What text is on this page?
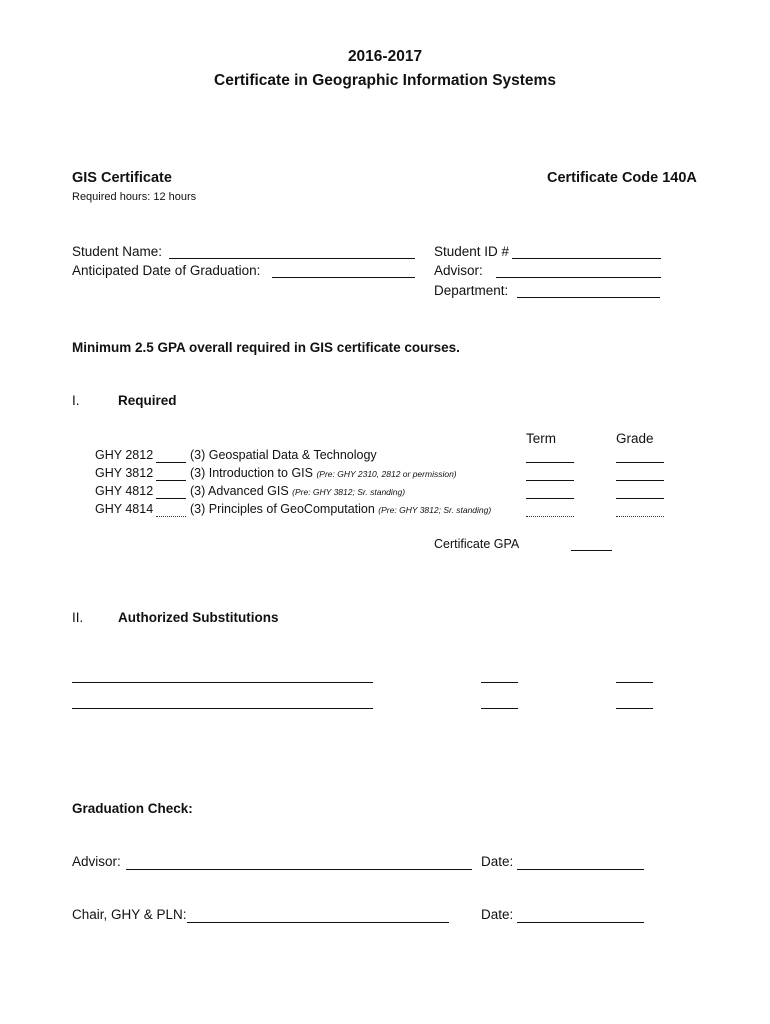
2016-2017
Certificate in Geographic Information Systems
GIS Certificate	Certificate Code 140A
Required hours: 12 hours
Student Name:
Anticipated Date of Graduation:
Student ID #
Advisor:
Department:
Minimum 2.5 GPA overall required in GIS certificate courses.
I.	Required
Term	Grade
GHY 2812	(3) Geospatial Data & Technology
GHY 3812	(3) Introduction to GIS (Pre: GHY 2310, 2812 or permission)
GHY 4812	(3) Advanced GIS (Pre: GHY 3812; Sr. standing)
GHY 4814	(3) Principles of GeoComputation (Pre: GHY 3812; Sr. standing)
Certificate GPA
II.	Authorized Substitutions
Graduation Check:
Advisor:	Date:
Chair, GHY & PLN:	Date:
